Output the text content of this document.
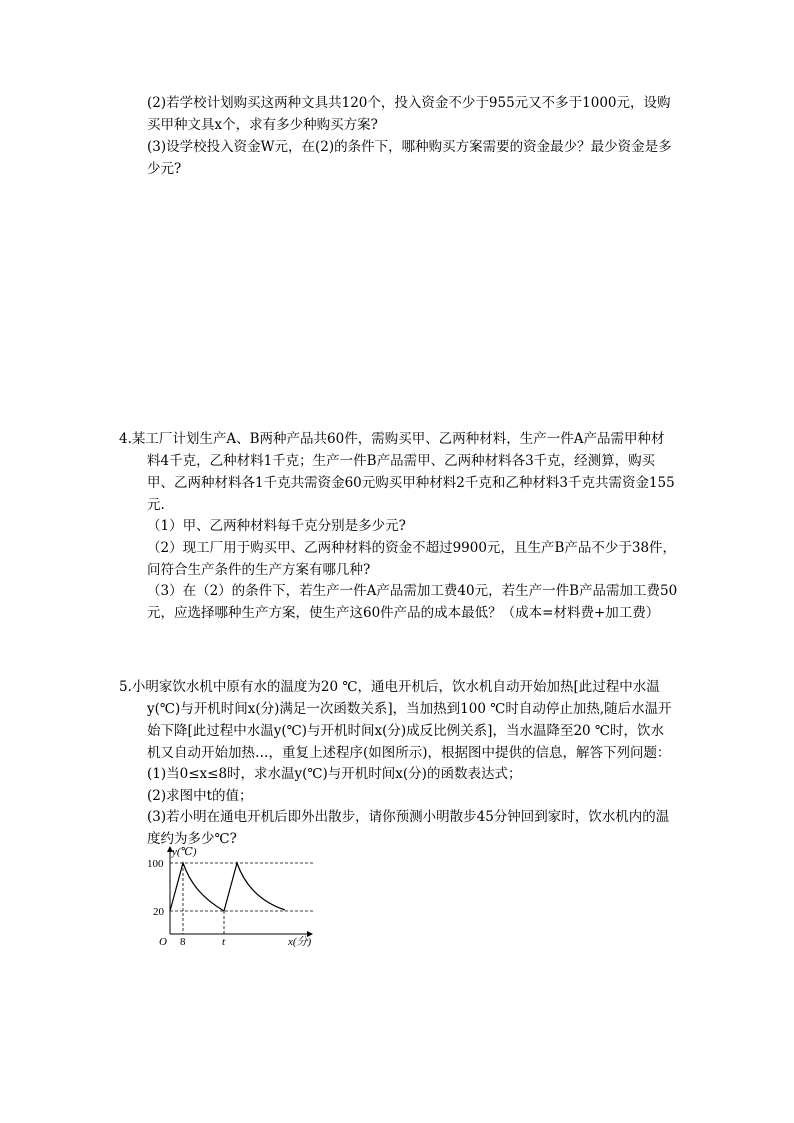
(2)若学校计划购买这两种文具共120个，投入资金不少于955元又不多于1000元，设购
买甲种文具x个，求有多少种购买方案?
(3)设学校投入资金W元，在(2)的条件下，哪种购买方案需要的资金最少？最少资金是多
少元?
4.某工厂计划生产A、B两种产品共60件，需购买甲、乙两种材料，生产一件A产品需甲种材
料4千克，乙种材料1千克；生产一件B产品需甲、乙两种材料各3千克，经测算，购买
甲、乙两种材料各1千克共需资金60元购买甲种材料2千克和乙种材料3千克共需资金155
元.
（1）甲、乙两种材料每千克分别是多少元?
（2）现工厂用于购买甲、乙两种材料的资金不超过9900元，且生产B产品不少于38件，
问符合生产条件的生产方案有哪几种?
（3）在（2）的条件下，若生产一件A产品需加工费40元，若生产一件B产品需加工费50
元，应选择哪种生产方案，使生产这60件产品的成本最低？（成本=材料费+加工费）
5.小明家饮水机中原有水的温度为20 ℃，通电开机后，饮水机自动开始加热[此过程中水温
y(℃)与开机时间x(分)满足一次函数关系]，当加热到100 ℃时自动停止加热,随后水温开
始下降[此过程中水温y(℃)与开机时间x(分)成反比例关系]，当水温降至20 ℃时，饮水
机又自动开始加热…，重复上述程序(如图所示)，根据图中提供的信息，解答下列问题：
(1)当0≤x≤8时，求水温y(℃)与开机时间x(分)的函数表达式；
(2)求图中t的值；
(3)若小明在通电开机后即外出散步，请你预测小明散步45分钟回到家时，饮水机内的温
度约为多少℃?
y(℃)
100
20
O 8	t	x(分)
